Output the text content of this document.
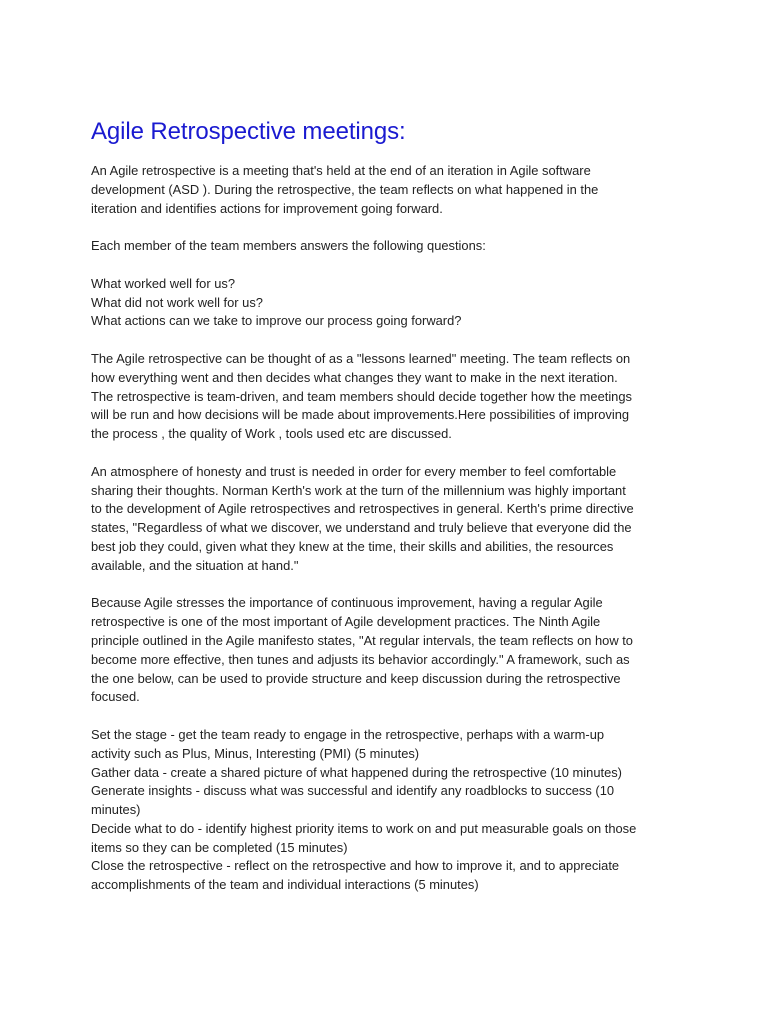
Agile Retrospective meetings:

An Agile retrospective is a meeting that's held at the end of an iteration in Agile software
development (ASD ). During the retrospective, the team reflects on what happened in the
iteration and identifies actions for improvement going forward.

Each member of the team members answers the following questions:

What worked well for us?
What did not work well for us?
What actions can we take to improve our process going forward?

The Agile retrospective can be thought of as a "lessons learned" meeting. The team reflects on
how everything went and then decides what changes they want to make in the next iteration.
The retrospective is team-driven, and team members should decide together how the meetings
will be run and how decisions will be made about improvements.Here possibilities of improving
the process , the quality of Work , tools used etc are discussed.

An atmosphere of honesty and trust is needed in order for every member to feel comfortable
sharing their thoughts. Norman Kerth's work at the turn of the millennium was highly important
to the development of Agile retrospectives and retrospectives in general. Kerth's prime directive
states, "Regardless of what we discover, we understand and truly believe that everyone did the
best job they could, given what they knew at the time, their skills and abilities, the resources
available, and the situation at hand."

Because Agile stresses the importance of continuous improvement, having a regular Agile
retrospective is one of the most important of Agile development practices. The Ninth Agile
principle outlined in the Agile manifesto states, "At regular intervals, the team reflects on how to
become more effective, then tunes and adjusts its behavior accordingly." A framework, such as
the one below, can be used to provide structure and keep discussion during the retrospective
focused.

Set the stage - get the team ready to engage in the retrospective, perhaps with a warm-up
activity such as Plus, Minus, Interesting (PMI) (5 minutes)
Gather data - create a shared picture of what happened during the retrospective (10 minutes)
Generate insights - discuss what was successful and identify any roadblocks to success (10
minutes)
Decide what to do - identify highest priority items to work on and put measurable goals on those
items so they can be completed (15 minutes)
Close the retrospective - reflect on the retrospective and how to improve it, and to appreciate
accomplishments of the team and individual interactions (5 minutes)
